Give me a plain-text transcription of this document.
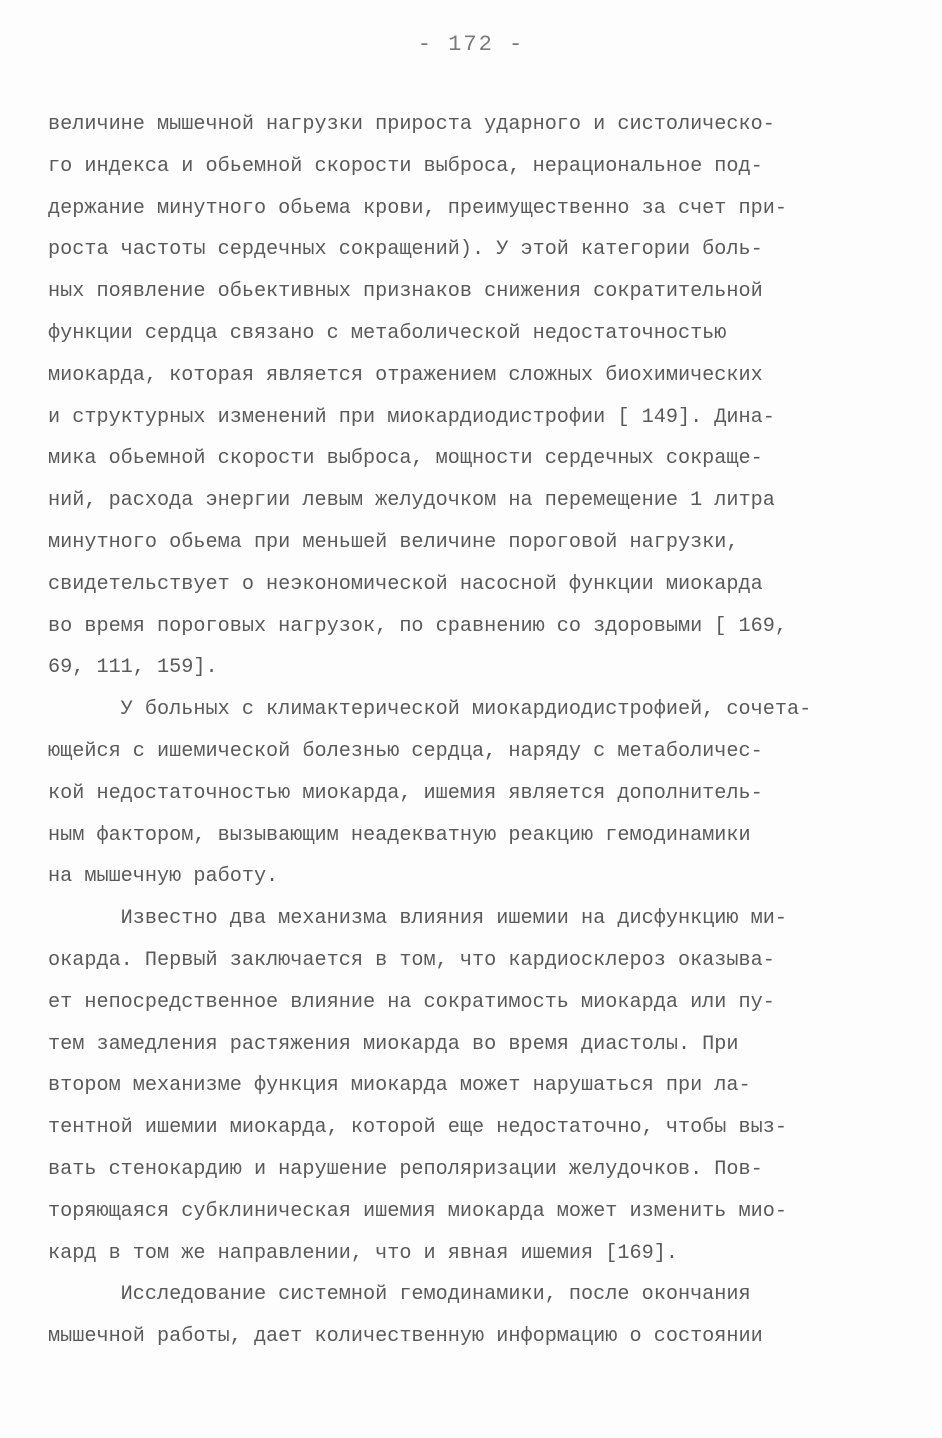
- 172 -
величине мышечной нагрузки прироста ударного и систолическо-
го индекса и обьемной скорости выброса, нерациональное под-
держание минутного обьема крови, преимущественно за счет при-
роста частоты сердечных сокращений). У этой категории боль-
ных появление обьективных признаков снижения сократительной
функции сердца связано с метаболической недостаточностью
миокарда, которая является отражением сложных биохимических
и структурных изменений при миокардиодистрофии [ 149]. Дина-
мика обьемной скорости выброса, мощности сердечных сокраще-
ний, расхода энергии левым желудочком на перемещение 1 литра
минутного обьема при меньшей величине пороговой нагрузки,
свидетельствует о неэкономической насосной функции миокарда
во время пороговых нагрузок, по сравнению со здоровыми [ 169,
69, 111, 159].
У больных с климактерической миокардиодистрофией, сочета-
ющейся с ишемической болезнью сердца, наряду с метаболичес-
кой недостаточностью миокарда, ишемия является дополнитель-
ным фактором, вызывающим неадекватную реакцию гемодинамики
на мышечную работу.
Известно два механизма влияния ишемии на дисфункцию ми-
окарда. Первый заключается в том, что кардиосклероз оказыва-
ет непосредственное влияние на сократимость миокарда или пу-
тем замедления растяжения миокарда во время диастолы. При
втором механизме функция миокарда может нарушаться при ла-
тентной ишемии миокарда, которой еще недостаточно, чтобы выз-
вать стенокардию и нарушение реполяризации желудочков. Пов-
торяющаяся субклиническая ишемия миокарда может изменить мио-
кард в том же направлении, что и явная ишемия [169].
Исследование системной гемодинамики, после окончания
мышечной работы, дает количественную информацию о состоянии
